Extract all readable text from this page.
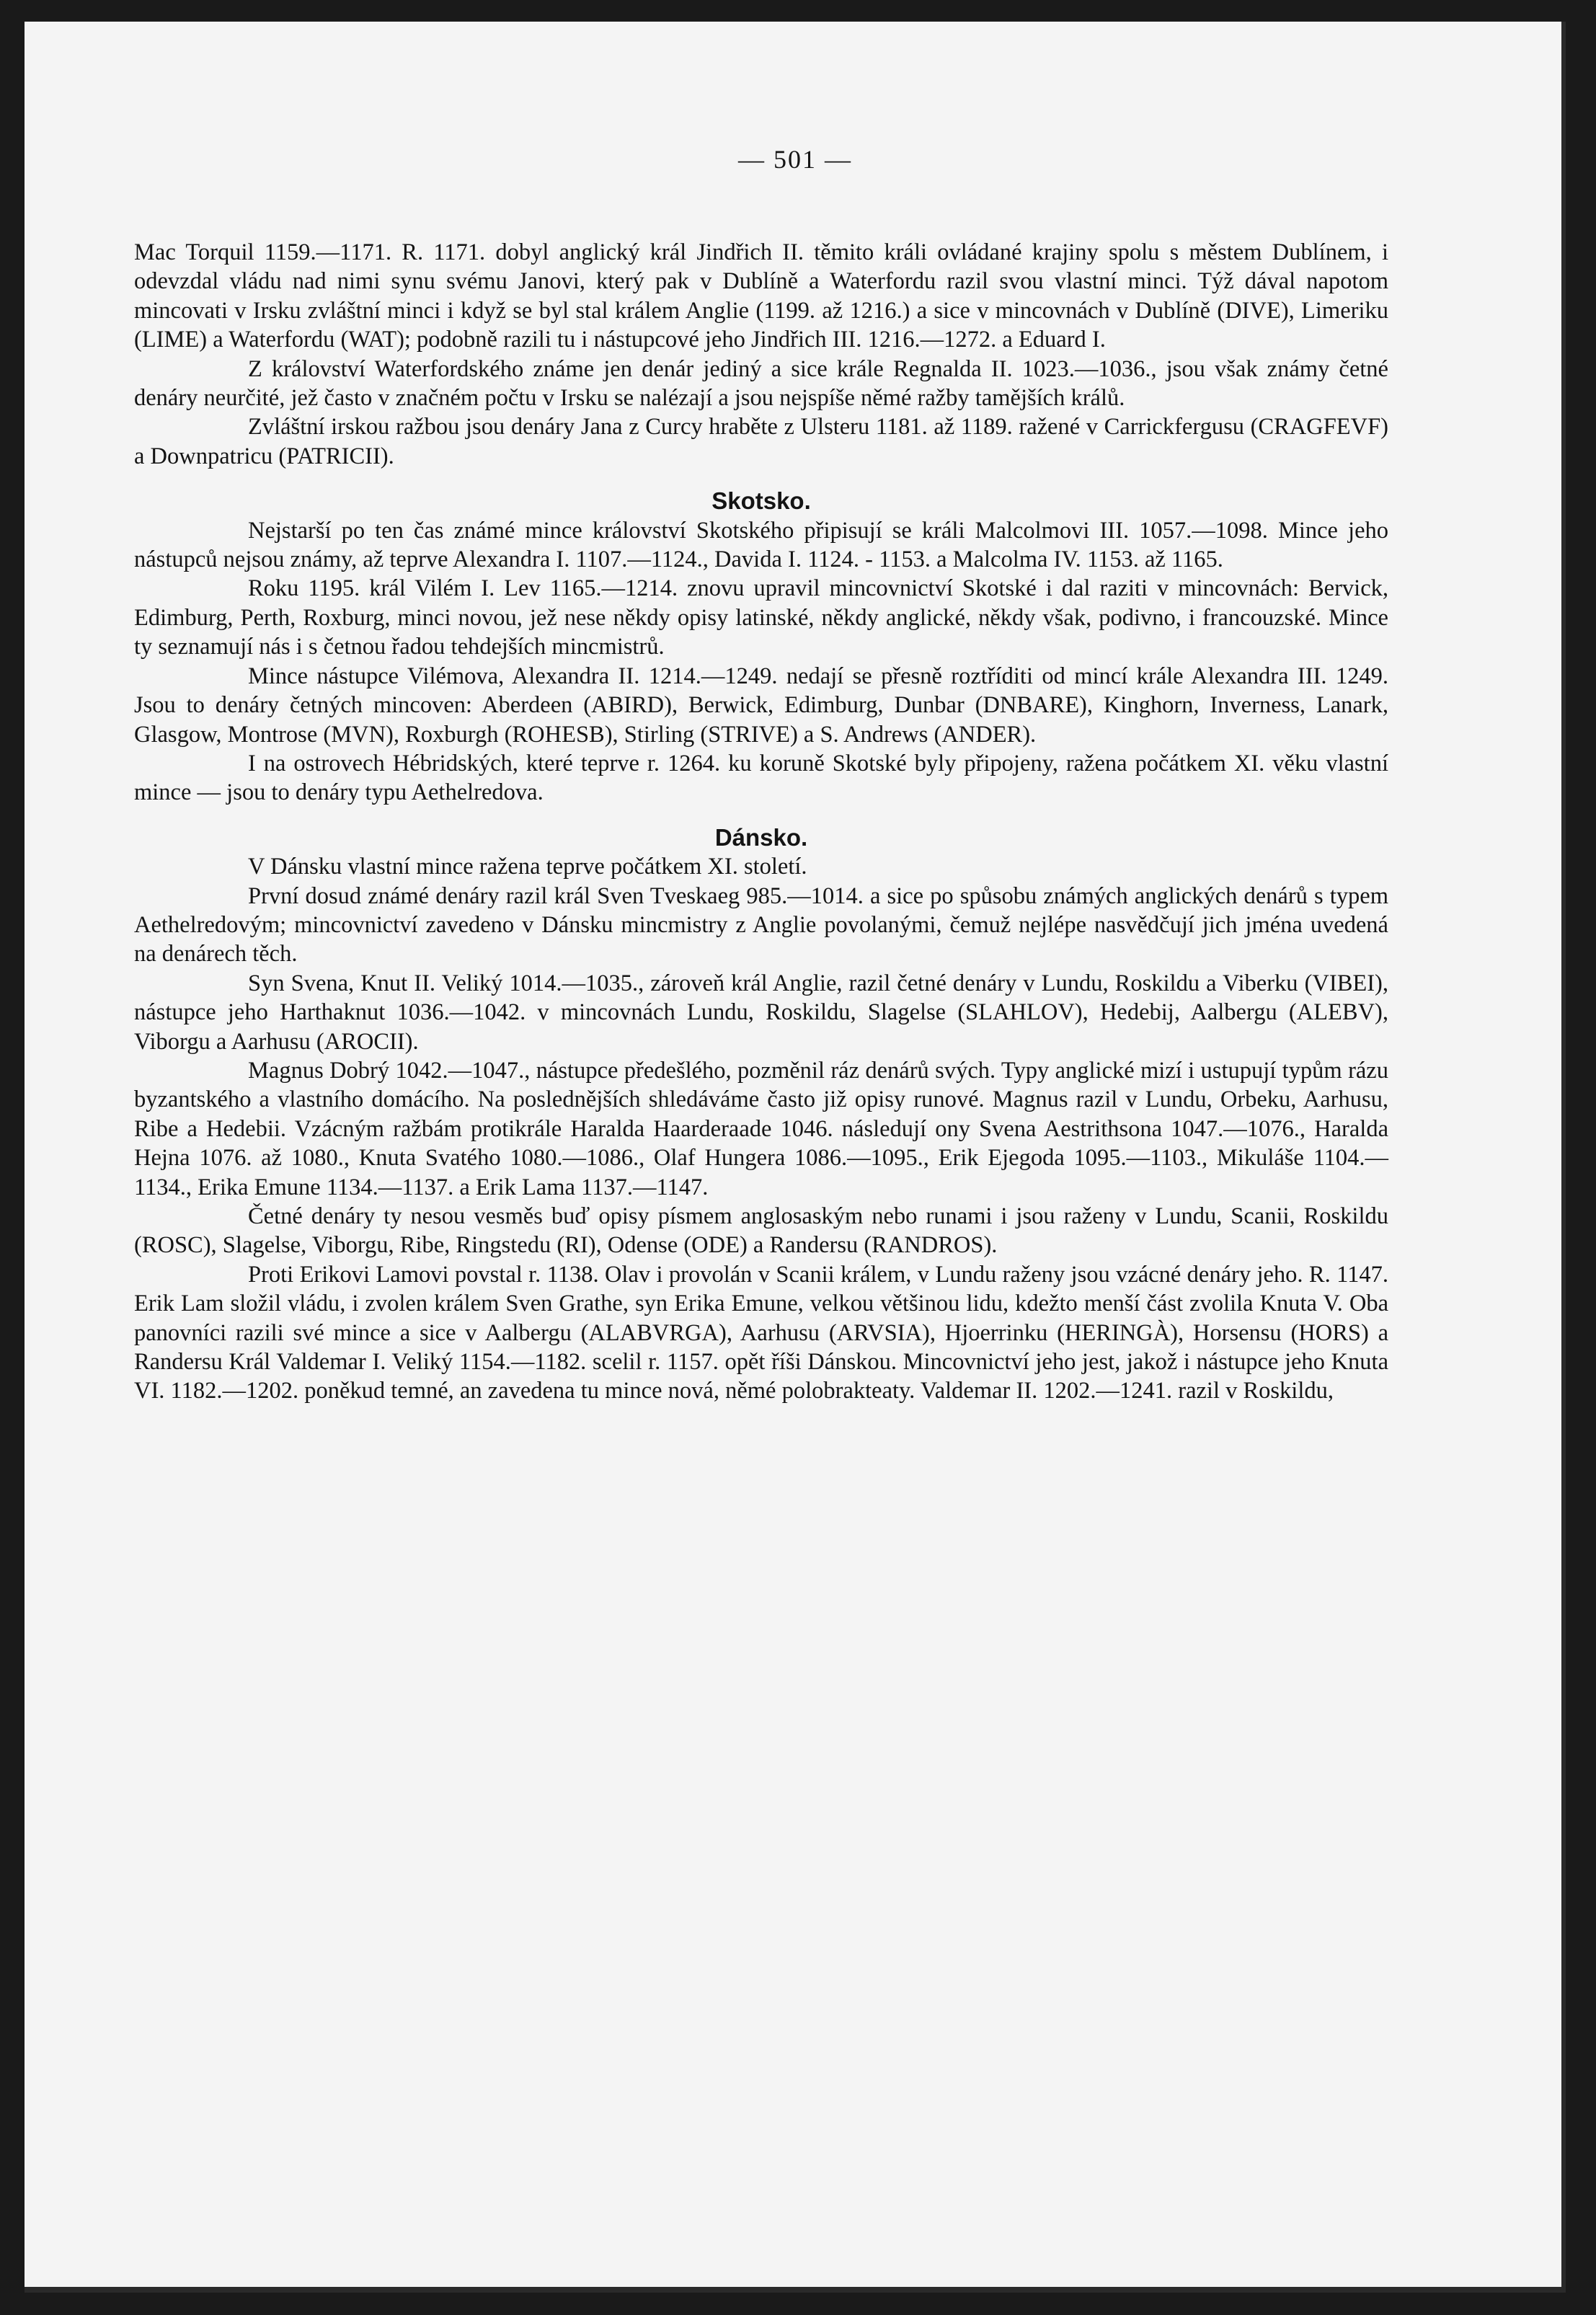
— 501 —

Mac Torquil 1159.—1171. R. 1171. dobyl anglický král Jindřich II. těmito králi ovládané krajiny spolu s městem Dublínem, i odevzdal vládu nad nimi synu svému Janovi, který pak v Dublíně a Waterfordu razil svou vlastní minci. Týž dával napotom mincovati v Irsku zvláštní minci i když se byl stal králem Anglie (1199. až 1216.) a sice v mincovnách v Dublíně (DIVE), Limeriku (LIME) a Waterfordu (WAT); podobně razili tu i nástupcové jeho Jindřich III. 1216.—1272. a Eduard I.

Z království Waterfordského známe jen denár jediný a sice krále Regnalda II. 1023.—1036., jsou však známy četné denáry neurčité, jež často v značném počtu v Irsku se nalézají a jsou nejspíše němé ražby tamějších králů.

Zvláštní irskou ražbou jsou denáry Jana z Curcy hraběte z Ulsteru 1181. až 1189. ražené v Carrickfergusu (CRAGFEVF) a Downpatricu (PATRICII).

Skotsko.

Nejstarší po ten čas známé mince království Skotského připisují se králi Malcolmovi III. 1057.—1098. Mince jeho nástupců nejsou známy, až teprve Alexandra I. 1107.—1124., Davida I. 1124. - 1153. a Malcolma IV. 1153. až 1165.

Roku 1195. král Vilém I. Lev 1165.—1214. znovu upravil mincovnictví Skotské i dal raziti v mincovnách: Bervick, Edimburg, Perth, Roxburg, minci novou, jež nese někdy opisy latinské, někdy anglické, někdy však, podivno, i francouzské. Mince ty seznamují nás i s četnou řadou tehdejších mincmistrů.

Mince nástupce Vilémova, Alexandra II. 1214.—1249. nedají se přesně roztříditi od mincí krále Alexandra III. 1249. Jsou to denáry četných mincoven: Aberdeen (ABIRD), Berwick, Edimburg, Dunbar (DNBARE), Kinghorn, Inverness, Lanark, Glasgow, Montrose (MVN), Roxburgh (ROHESB), Stirling (STRIVE) a S. Andrews (ANDER).

I na ostrovech Hébridských, které teprve r. 1264. ku koruně Skotské byly připojeny, ražena počátkem XI. věku vlastní mince — jsou to denáry typu Aethelredova.

Dánsko.

V Dánsku vlastní mince ražena teprve počátkem XI. století.

První dosud známé denáry razil král Sven Tveskaeg 985.—1014. a sice po spůsobu známých anglických denárů s typem Aethelredovým; mincovnictví zavedeno v Dánsku mincmistry z Anglie povolanými, čemuž nejlépe nasvědčují jich jména uvedená na denárech těch.

Syn Svena, Knut II. Veliký 1014.—1035., zároveň král Anglie, razil četné denáry v Lundu, Roskildu a Viberku (VIBEI), nástupce jeho Harthaknut 1036.—1042. v mincovnách Lundu, Roskildu, Slagelse (SLAHLOV), Hedebij, Aalbergu (ALEBV), Viborgu a Aarhusu (AROCII).

Magnus Dobrý 1042.—1047., nástupce předešlého, pozměnil ráz denárů svých. Typy anglické mizí i ustupují typům rázu byzantského a vlastního domácího. Na poslednějších shledáváme často již opisy runové. Magnus razil v Lundu, Orbeku, Aarhusu, Ribe a Hedebii. Vzácným ražbám protikrále Haralda Haarderaade 1046. následují ony Svena Aestrithsona 1047.—1076., Haralda Hejna 1076. až 1080., Knuta Svatého 1080.—1086., Olaf Hungera 1086.—1095., Erik Ejegoda 1095.—1103., Mikuláše 1104.—1134., Erika Emune 1134.—1137. a Erik Lama 1137.—1147.

Četné denáry ty nesou vesměs buď opisy písmem anglosaským nebo runami i jsou raženy v Lundu, Scanii, Roskildu (ROSC), Slagelse, Viborgu, Ribe, Ringstedu (RI), Odense (ODE) a Randersu (RANDROS).

Proti Erikovi Lamovi povstal r. 1138. Olav i provolán v Scanii králem, v Lundu raženy jsou vzácné denáry jeho. R. 1147. Erik Lam složil vládu, i zvolen králem Sven Grathe, syn Erika Emune, velkou většinou lidu, kdežto menší část zvolila Knuta V. Oba panovníci razili své mince a sice v Aalbergu (ALABVRGA), Aarhusu (ARVSIA), Hjoerrinku (HERINGÀ), Horsensu (HORS) a Randersu Král Valdemar I. Veliký 1154.—1182. scelil r. 1157. opět říši Dánskou. Mincovnictví jeho jest, jakož i nástupce jeho Knuta VI. 1182.—1202. poněkud temné, an zavedena tu mince nová, němé polobrakteaty. Valdemar II. 1202.—1241. razil v Roskildu,
